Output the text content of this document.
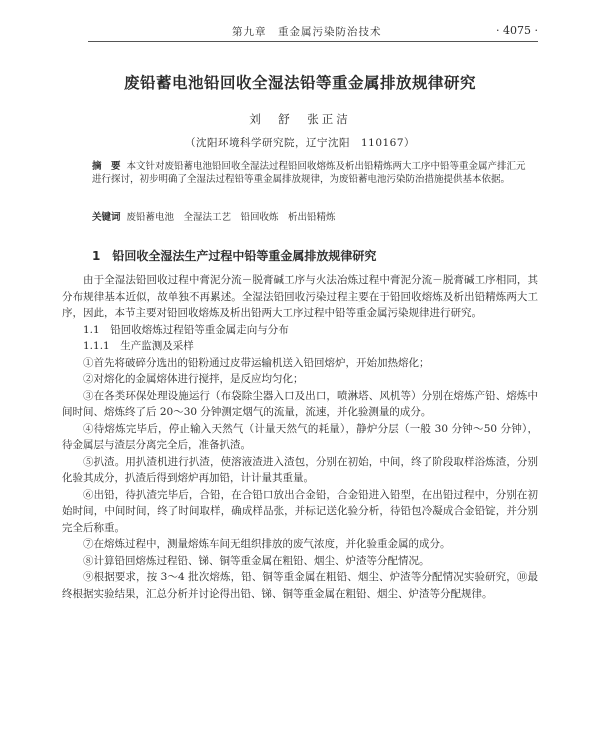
第九章　重金属污染防治技术	· 4075 ·
废铅蓄电池铅回收全湿法铅等重金属排放规律研究
刘　舒　张正洁
（沈阳环境科学研究院，辽宁沈阳　110167）
摘　要 本文针对废铅蓄电池铅回收全湿法过程铅回收熔炼及析出铅精炼两大工序中铅等重金属产排汇元进行探讨，初步明确了全湿法过程铅等重金属排放规律，为废铅蓄电池污染防治措施提供基本依据。
关键词 废铅蓄电池　全湿法工艺　铅回收炼　析出铅精炼
1 铅回收全湿法生产过程中铅等重金属排放规律研究

由于全湿法铅回收过程中膏泥分流－脱膏碱工序与火法冶炼过程中膏泥分流－脱膏碱工序相同，其分布规律基本近似，故单独不再累述。全湿法铅回收污染过程主要在于铅回收熔炼及析出铅精炼两大工序，因此，本节主要对铅回收熔炼及析出铅两大工序过程中铅等重金属污染规律进行研究。

1.1　铅回收熔炼过程铅等重金属走向与分布

1.1.1　生产监测及采样

①首先将破碎分选出的铅粉通过皮带运输机送入铅回熔炉，开始加热熔化；

②对熔化的金属熔体进行搅拌，是反应均匀化；

③在各类环保处理设施运行（布袋除尘器入口及出口，喷淋塔、风机等）分别在熔炼产铅、熔炼中间时间、熔炼终了后 20～30 分钟测定烟气的流量，流速，并化验测量的成分。

④待熔炼完毕后，停止输入天然气（计量天然气的耗量），静炉分层（一般 30 分钟～50 分钟），待金属层与渣层分离完全后，准备扒渣。

⑤扒渣。用扒渣机进行扒渣，使溶液渣进入渣包，分别在初始，中间，终了阶段取样浴炼渣，分别化验其成分，扒渣后得到熔炉再加铅，计计量其重量。

⑥出铅，待扒渣完毕后，合铅，在合铅口放出合金铅，合金铅进入铅型，在出铅过程中，分别在初始时间，中间时间，终了时间取样，确成样品张，并标记送化验分析，待铅包冷凝成合金铅锭，并分别完全后称重。

⑦在熔炼过程中，测量熔炼车间无组织排放的废气浓度，并化验重金属的成分。

⑧计算铅回熔炼过程铅、锑、铜等重金属在粗铅、烟尘、炉渣等分配情况。

⑨根据要求，按 3～4 批次熔炼，铅、铜等重金属在粗铅、烟尘、炉渣等分配情况实验研究，⑩最终根据实验结果，汇总分析并讨论得出铅、锑、铜等重金属在粗铅、烟尘、炉渣等分配规律。
